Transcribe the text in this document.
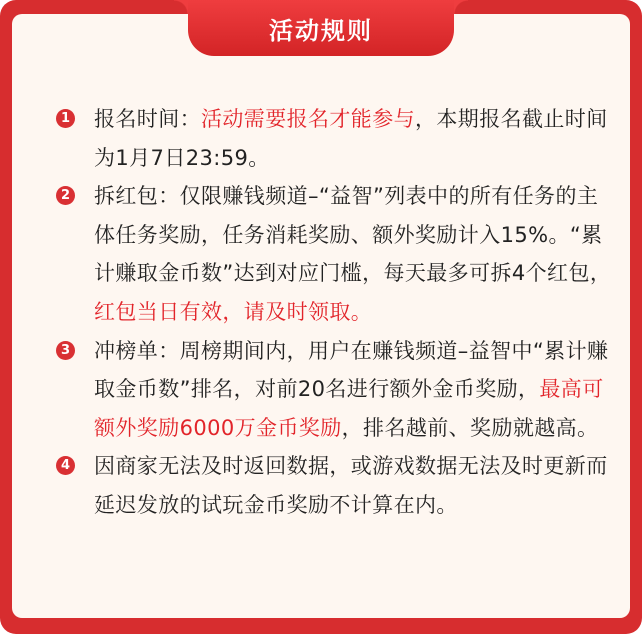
1 报名时间：活动需要报名才能参与，本期报名截止时间为1月7日23:59。
2 拆红包：仅限赚钱频道–“益智”列表中的所有任务的主体任务奖励，任务消耗奖励、额外奖励计入15%。“累计赚取金币数”达到对应门槛，每天最多可拆4个红包，红包当日有效，请及时领取。
3 冲榜单：周榜期间内，用户在赚钱频道–益智中“累计赚取金币数”排名，对前20名进行额外金币奖励，最高可额外奖励6000万金币奖励，排名越前、奖励就越高。
4 因商家无法及时返回数据，或游戏数据无法及时更新而延迟发放的试玩金币奖励不计算在内。
活动规则
